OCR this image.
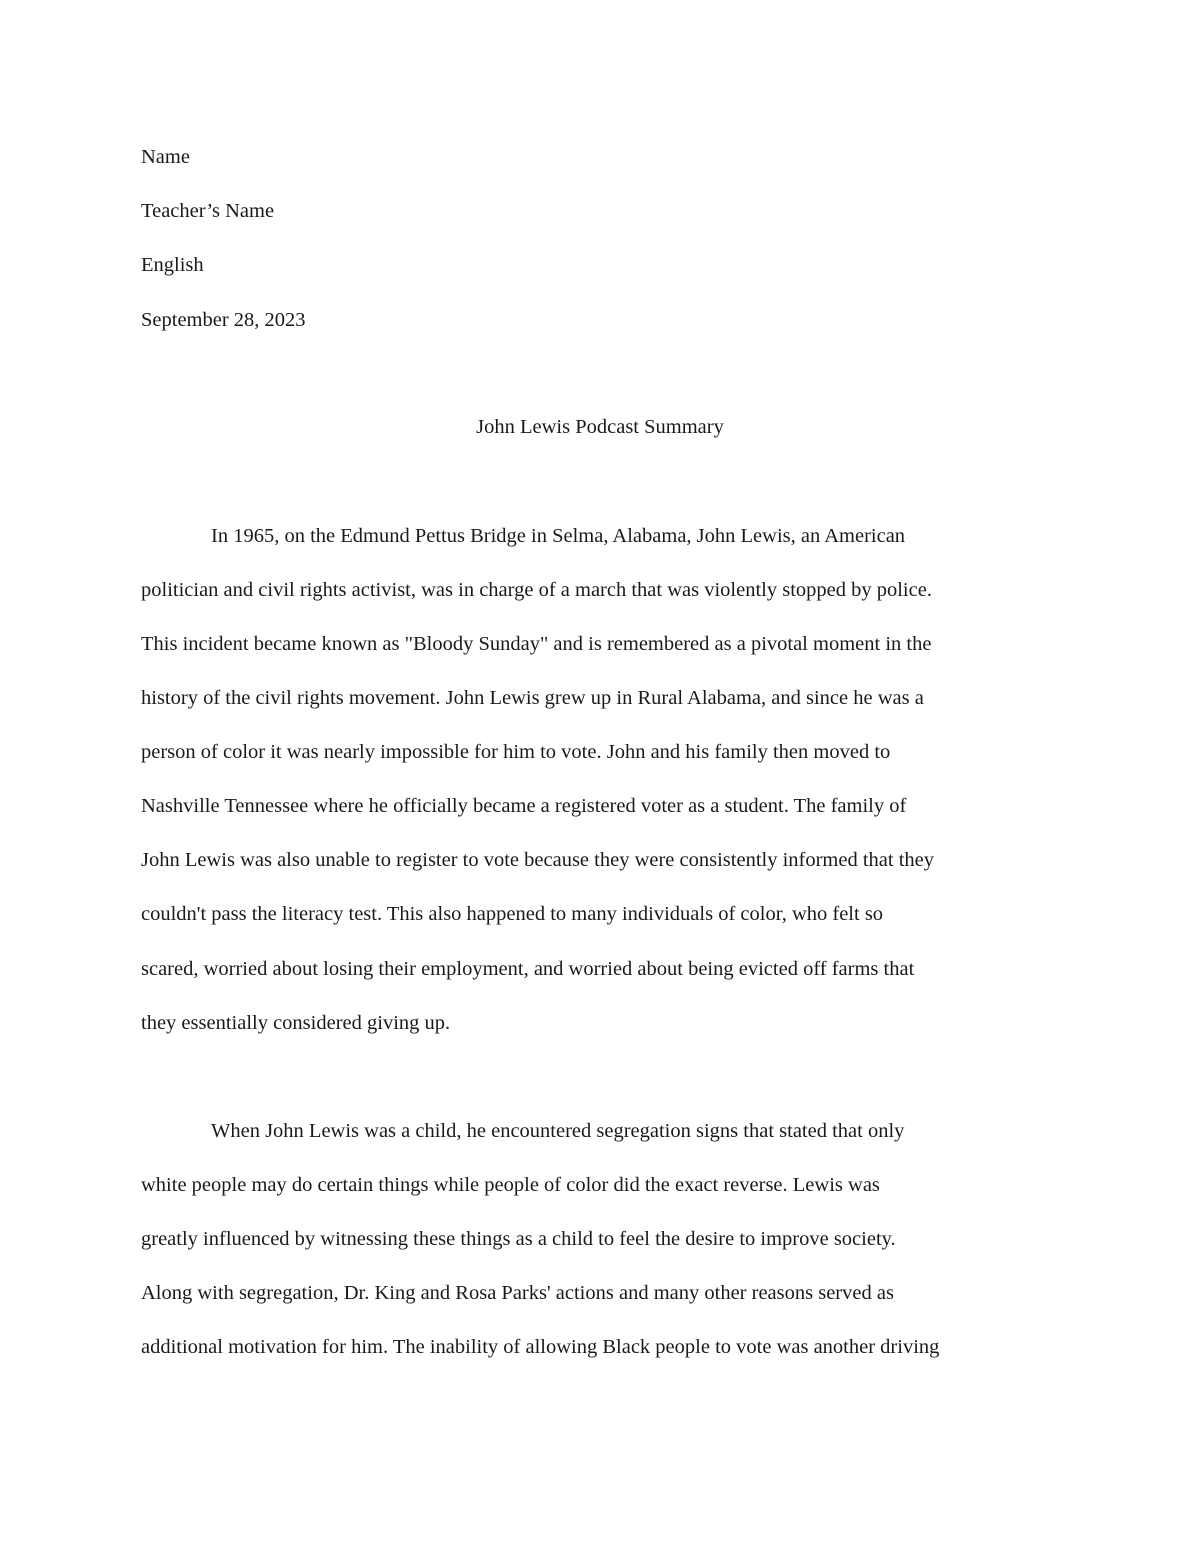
Name
Teacher’s Name
English
September 28, 2023
John Lewis Podcast Summary
In 1965, on the Edmund Pettus Bridge in Selma, Alabama, John Lewis, an American
politician and civil rights activist, was in charge of a march that was violently stopped by police.
This incident became known as "Bloody Sunday" and is remembered as a pivotal moment in the
history of the civil rights movement. John Lewis grew up in Rural Alabama, and since he was a
person of color it was nearly impossible for him to vote. John and his family then moved to
Nashville Tennessee where he officially became a registered voter as a student. The family of
John Lewis was also unable to register to vote because they were consistently informed that they
couldn't pass the literacy test. This also happened to many individuals of color, who felt so
scared, worried about losing their employment, and worried about being evicted off farms that
they essentially considered giving up.
When John Lewis was a child, he encountered segregation signs that stated that only
white people may do certain things while people of color did the exact reverse. Lewis was
greatly influenced by witnessing these things as a child to feel the desire to improve society.
Along with segregation, Dr. King and Rosa Parks' actions and many other reasons served as
additional motivation for him. The inability of allowing Black people to vote was another driving
